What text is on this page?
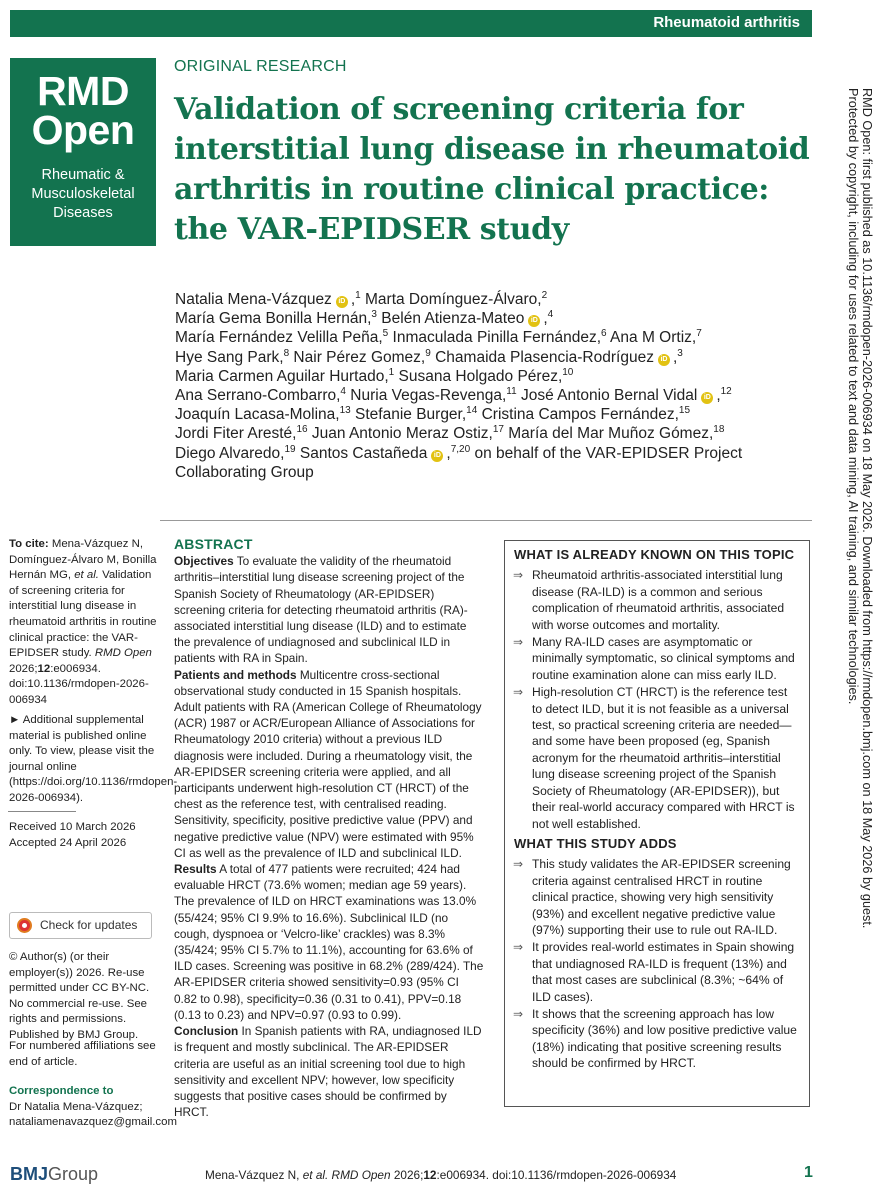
Rheumatoid arthritis
RMD
Open
Rheumatic &
Musculoskeletal
Diseases
ORIGINAL RESEARCH
Validation of screening criteria for interstitial lung disease in rheumatoid arthritis in routine clinical practice: the VAR-EPIDSER study

Natalia Mena-Vázquez iD ,$^1$ Marta Domínguez-Álvaro,$^2$

María Gema Bonilla Hernán,$^3$ Belén Atienza-Mateo iD ,$^4$

María Fernández Velilla Peña,$^5$ Inmaculada Pinilla Fernández,$^6$ Ana M Ortiz,$^7$

Hye Sang Park,$^8$ Nair Pérez Gomez,$^9$ Chamaida Plasencia-Rodríguez iD ,$^3$

Maria Carmen Aguilar Hurtado,$^1$ Susana Holgado Pérez,$^{10}$

Ana Serrano-Combarro,$^4$ Nuria Vegas-Revenga,$^{11}$ José Antonio Bernal Vidal iD ,$^{12}$

Joaquín Lacasa-Molina,$^{13}$ Stefanie Burger,$^{14}$ Cristina Campos Fernández,$^{15}$

Jordi Fiter Aresté,$^{16}$ Juan Antonio Meraz Ostiz,$^{17}$ María del Mar Muñoz Gómez,$^{18}$

Diego Alvaredo,$^{19}$ Santos Castañeda iD ,$^{7,20}$ on behalf of the VAR-EPIDSER Project

Collaborating Group

To cite: Mena-Vázquez N, Domínguez-Álvaro M, Bonilla Hernán MG, et al. Validation of screening criteria for interstitial lung disease in rheumatoid arthritis in routine clinical practice: the VAR-EPIDSER study. RMD Open 2026;12:e006934. doi:10.1136/rmdopen-2026-006934
► Additional supplemental material is published online only. To view, please visit the journal online (https://doi.org/10.1136/rmdopen-2026-006934).
Received 10 March 2026
Accepted 24 April 2026
Check for updates
© Author(s) (or their employer(s)) 2026. Re-use permitted under CC BY-NC. No commercial re-use. See rights and permissions. Published by BMJ Group.
For numbered affiliations see end of article.
Correspondence to
Dr Natalia Mena-Vázquez; nataliamenavazquez@gmail.com
ABSTRACT

Objectives To evaluate the validity of the rheumatoid arthritis–interstitial lung disease screening project of the Spanish Society of Rheumatology (AR-EPIDSER) screening criteria for detecting rheumatoid arthritis (RA)-associated interstitial lung disease (ILD) and to estimate the prevalence of undiagnosed and subclinical ILD in patients with RA in Spain.

Patients and methods Multicentre cross-sectional observational study conducted in 15 Spanish hospitals. Adult patients with RA (American College of Rheumatology (ACR) 1987 or ACR/European Alliance of Associations for Rheumatology 2010 criteria) without a previous ILD diagnosis were included. During a rheumatology visit, the AR-EPIDSER screening criteria were applied, and all participants underwent high-resolution CT (HRCT) of the chest as the reference test, with centralised reading. Sensitivity, specificity, positive predictive value (PPV) and negative predictive value (NPV) were estimated with 95% CI as well as the prevalence of ILD and subclinical ILD.

Results A total of 477 patients were recruited; 424 had evaluable HRCT (73.6% women; median age 59 years). The prevalence of ILD on HRCT examinations was 13.0% (55/424; 95% CI 9.9% to 16.6%). Subclinical ILD (no cough, dyspnoea or ‘Velcro-like’ crackles) was 8.3% (35/424; 95% CI 5.7% to 11.1%), accounting for 63.6% of ILD cases. Screening was positive in 68.2% (289/424). The AR-EPIDSER criteria showed sensitivity=0.93 (95% CI 0.82 to 0.98), specificity=0.36 (0.31 to 0.41), PPV=0.18 (0.13 to 0.23) and NPV=0.97 (0.93 to 0.99).

Conclusion In Spanish patients with RA, undiagnosed ILD is frequent and mostly subclinical. The AR-EPIDSER criteria are useful as an initial screening tool due to high sensitivity and excellent NPV; however, low specificity suggests that positive cases should be confirmed by HRCT.

WHAT IS ALREADY KNOWN ON THIS TOPIC
⇒ Rheumatoid arthritis-associated interstitial lung disease (RA-ILD) is a common and serious complication of rheumatoid arthritis, associated with worse outcomes and mortality.
⇒ Many RA-ILD cases are asymptomatic or minimally symptomatic, so clinical symptoms and routine examination alone can miss early ILD.
⇒ High-resolution CT (HRCT) is the reference test to detect ILD, but it is not feasible as a universal test, so practical screening criteria are needed—and some have been proposed (eg, Spanish acronym for the rheumatoid arthritis–interstitial lung disease screening project of the Spanish Society of Rheumatology (AR-EPIDSER)), but their real-world accuracy compared with HRCT is not well established.
WHAT THIS STUDY ADDS
⇒ This study validates the AR-EPIDSER screening criteria against centralised HRCT in routine clinical practice, showing very high sensitivity (93%) and excellent negative predictive value (97%) supporting their use to rule out RA-ILD.
⇒ It provides real-world estimates in Spain showing that undiagnosed RA-ILD is frequent (13%) and that most cases are subclinical (8.3%; ~64% of ILD cases).
⇒ It shows that the screening approach has low specificity (36%) and low positive predictive value (18%) indicating that positive screening results should be confirmed by HRCT.
RMD Open: first published as 10.1136/rmdopen-2026-006934 on 18 May 2026. Downloaded from https://rmdopen.bmj.com on 18 May 2026 by guest.
Protected by copyright, including for uses related to text and data mining, AI training, and similar technologies.
BMJGroup	Mena-Vázquez N, et al. RMD Open 2026;12:e006934. doi:10.1136/rmdopen-2026-006934	1
